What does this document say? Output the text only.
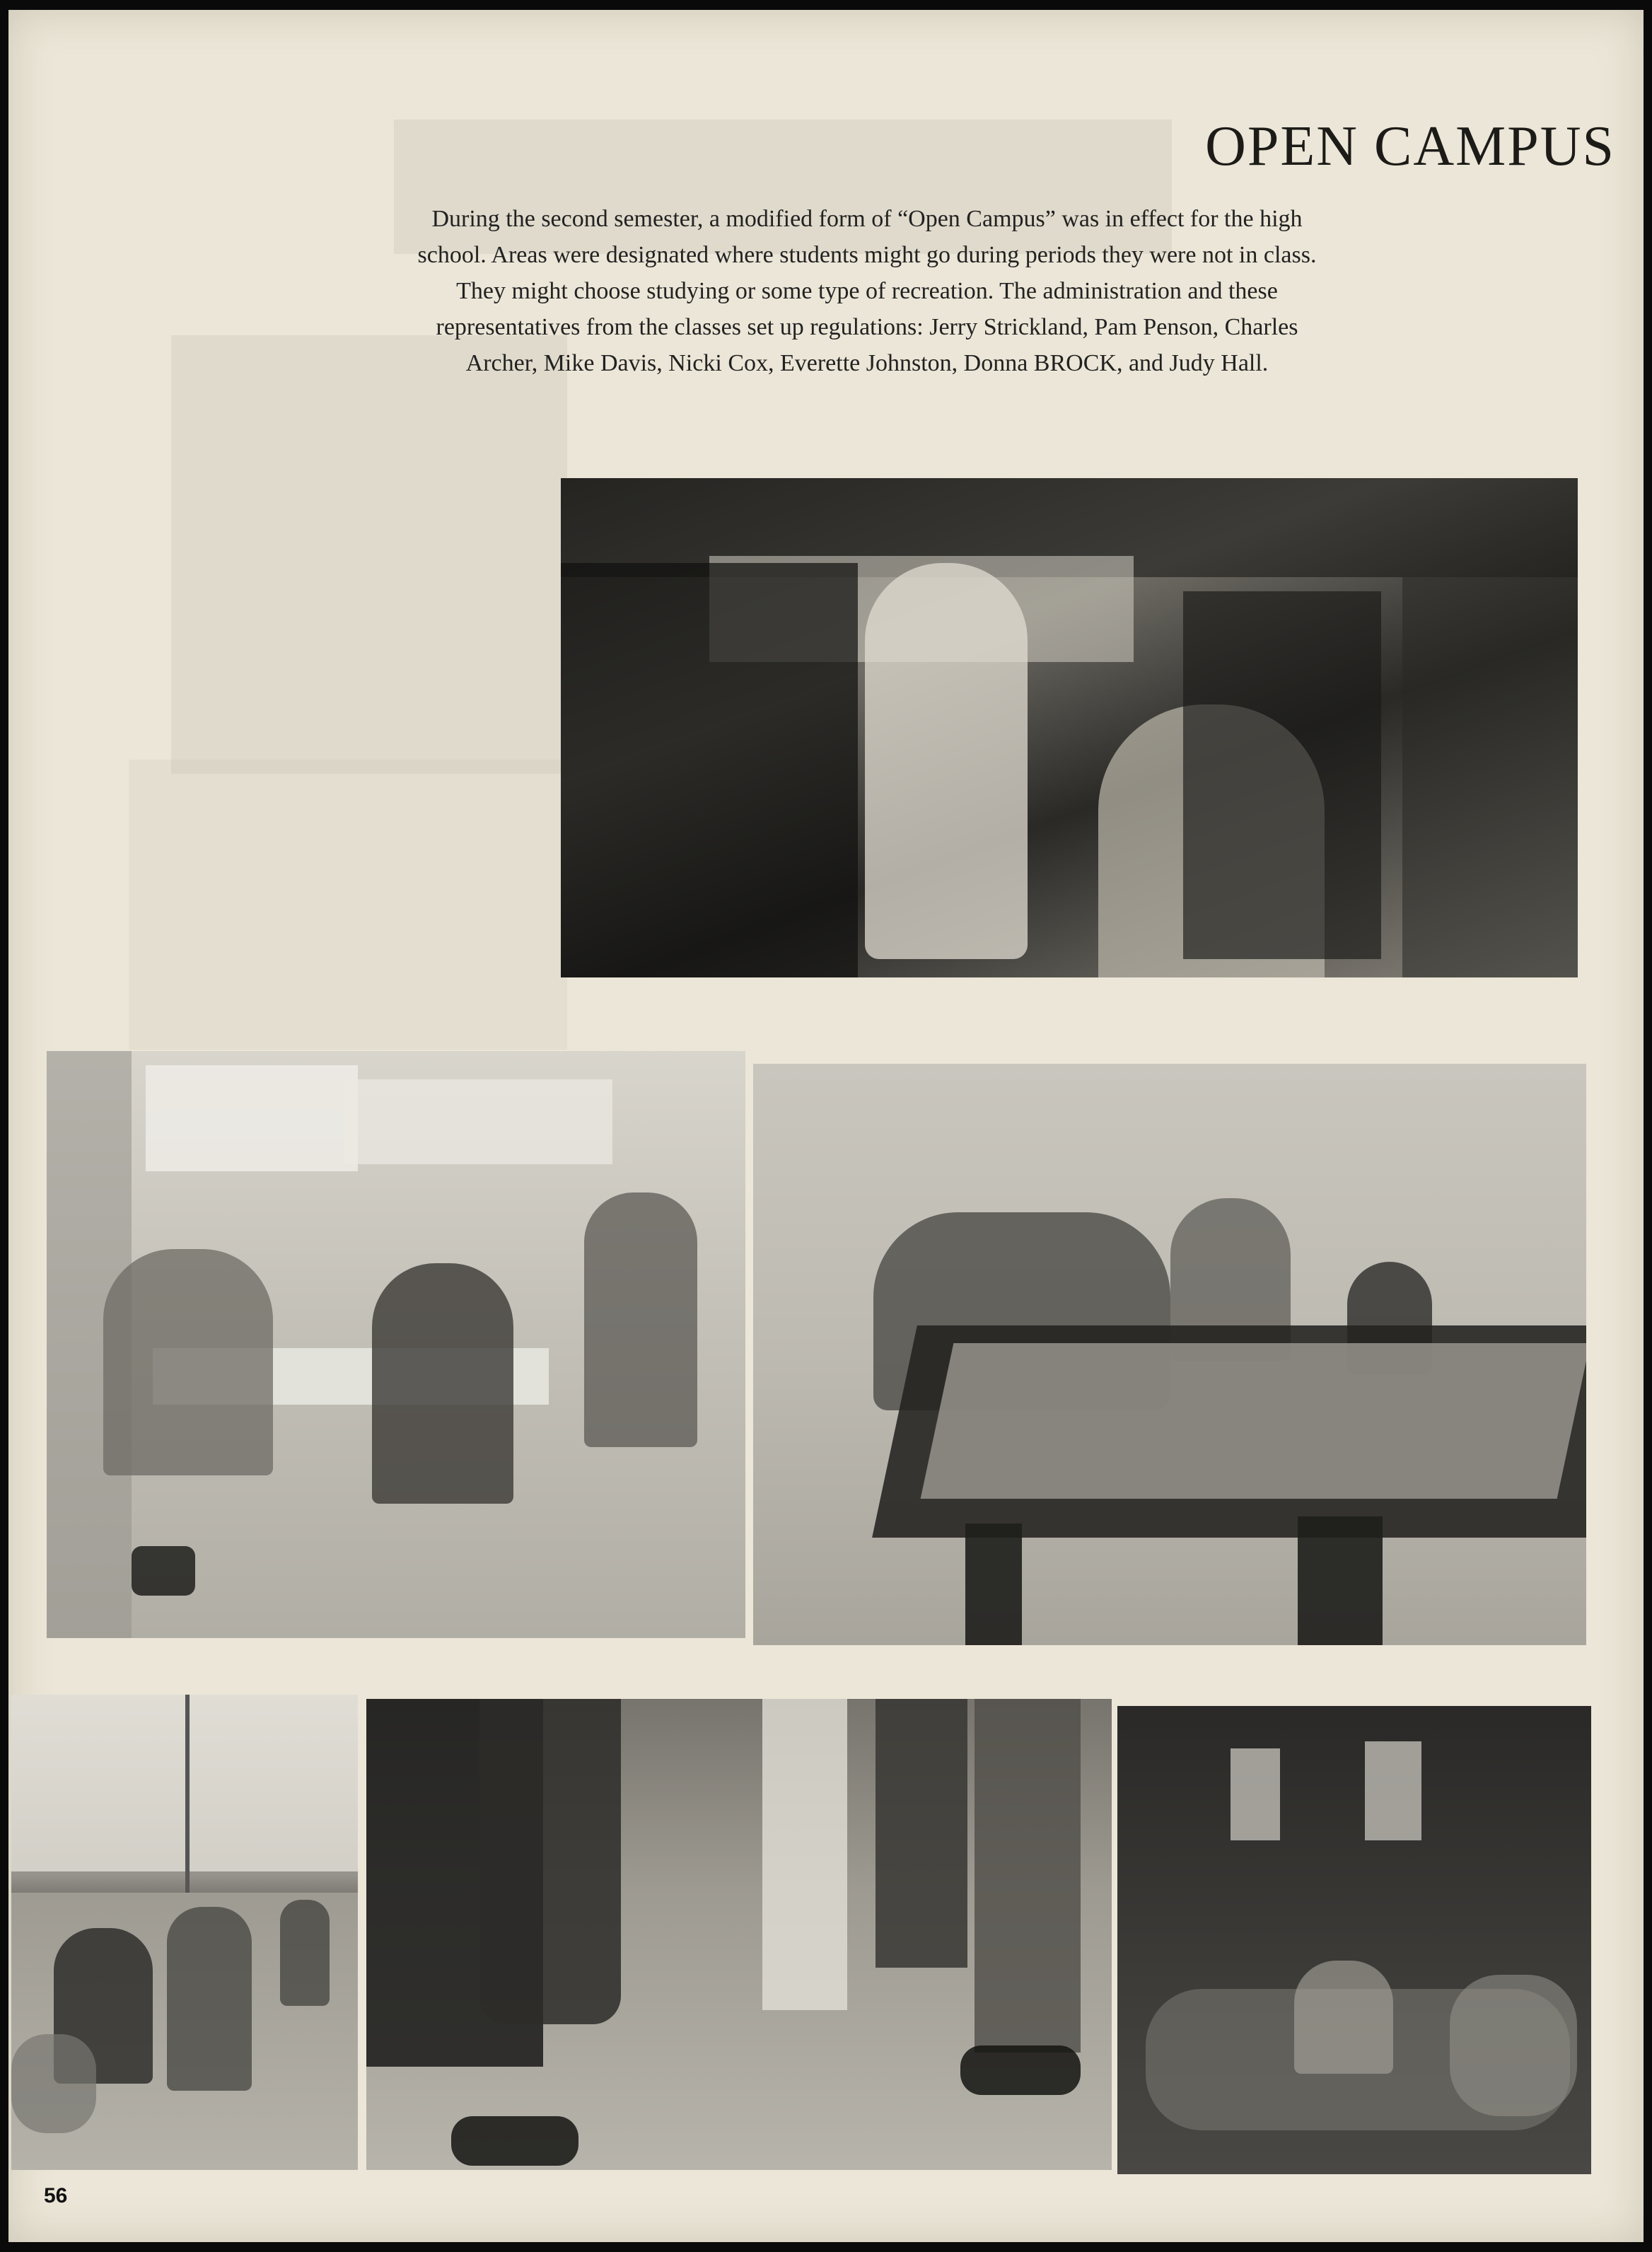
OPEN CAMPUS

During the second semester, a modified form of “Open Campus” was in effect for the high school. Areas were designated where students might go during periods they were not in class. They might choose studying or some type of recreation. The administration and these representatives from the classes set up regulations: Jerry Strickland, Pam Penson, Charles Archer, Mike Davis, Nicki Cox, Everette Johnston, Donna BROCK, and Judy Hall.

56
